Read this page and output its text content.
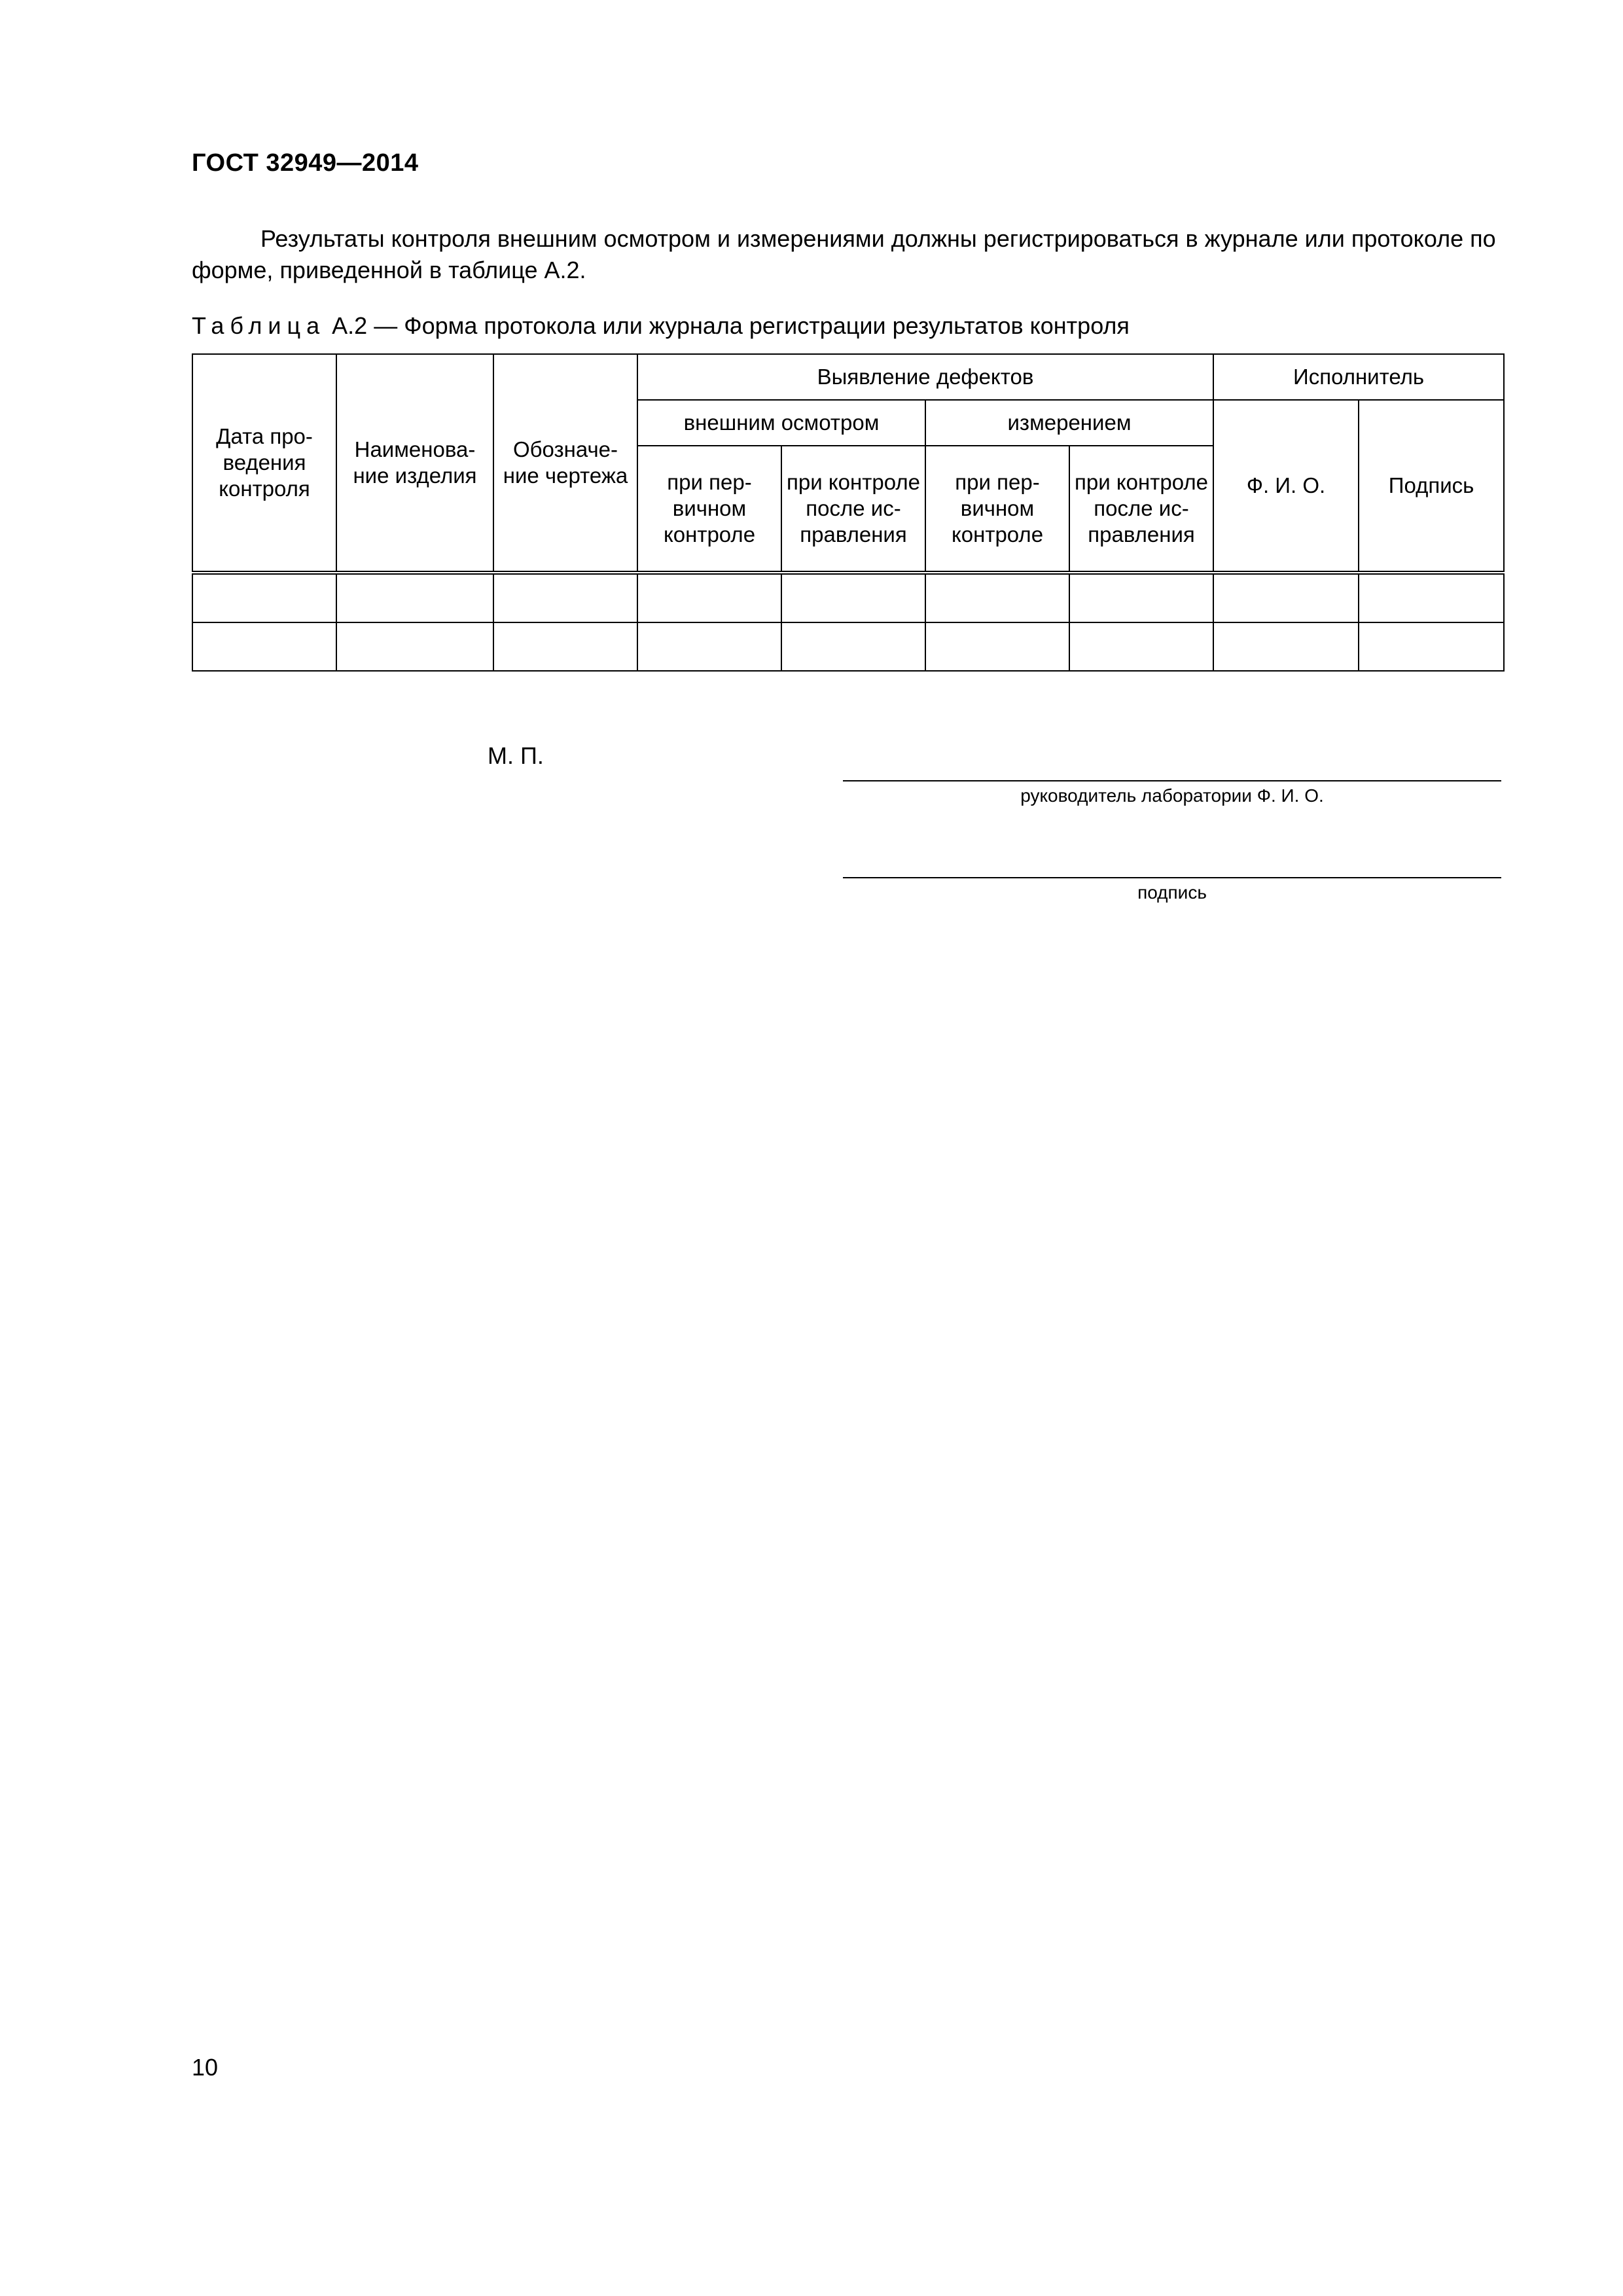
ГОСТ 32949—2014

Результаты контроля внешним осмотром и измерениями должны регистрироваться в журнале или протоколе по форме, приведенной в таблице А.2.

Таблица А.2 — Форма протокола или журнала регистрации результатов контроля
Дата про- ведения контроля	Наименова- ние изделия	Обозначе- ние чертежа	Выявление дефектов				Исполнитель	
			внешним осмотром		измерением		Ф. И. О.	Подпись
			при пер- вичном контроле	при контроле после ис- правления	при пер- вичном контроле	при контроле после ис- правления		

М. П.
руководитель лаборатории Ф. И. О.
подпись
10
